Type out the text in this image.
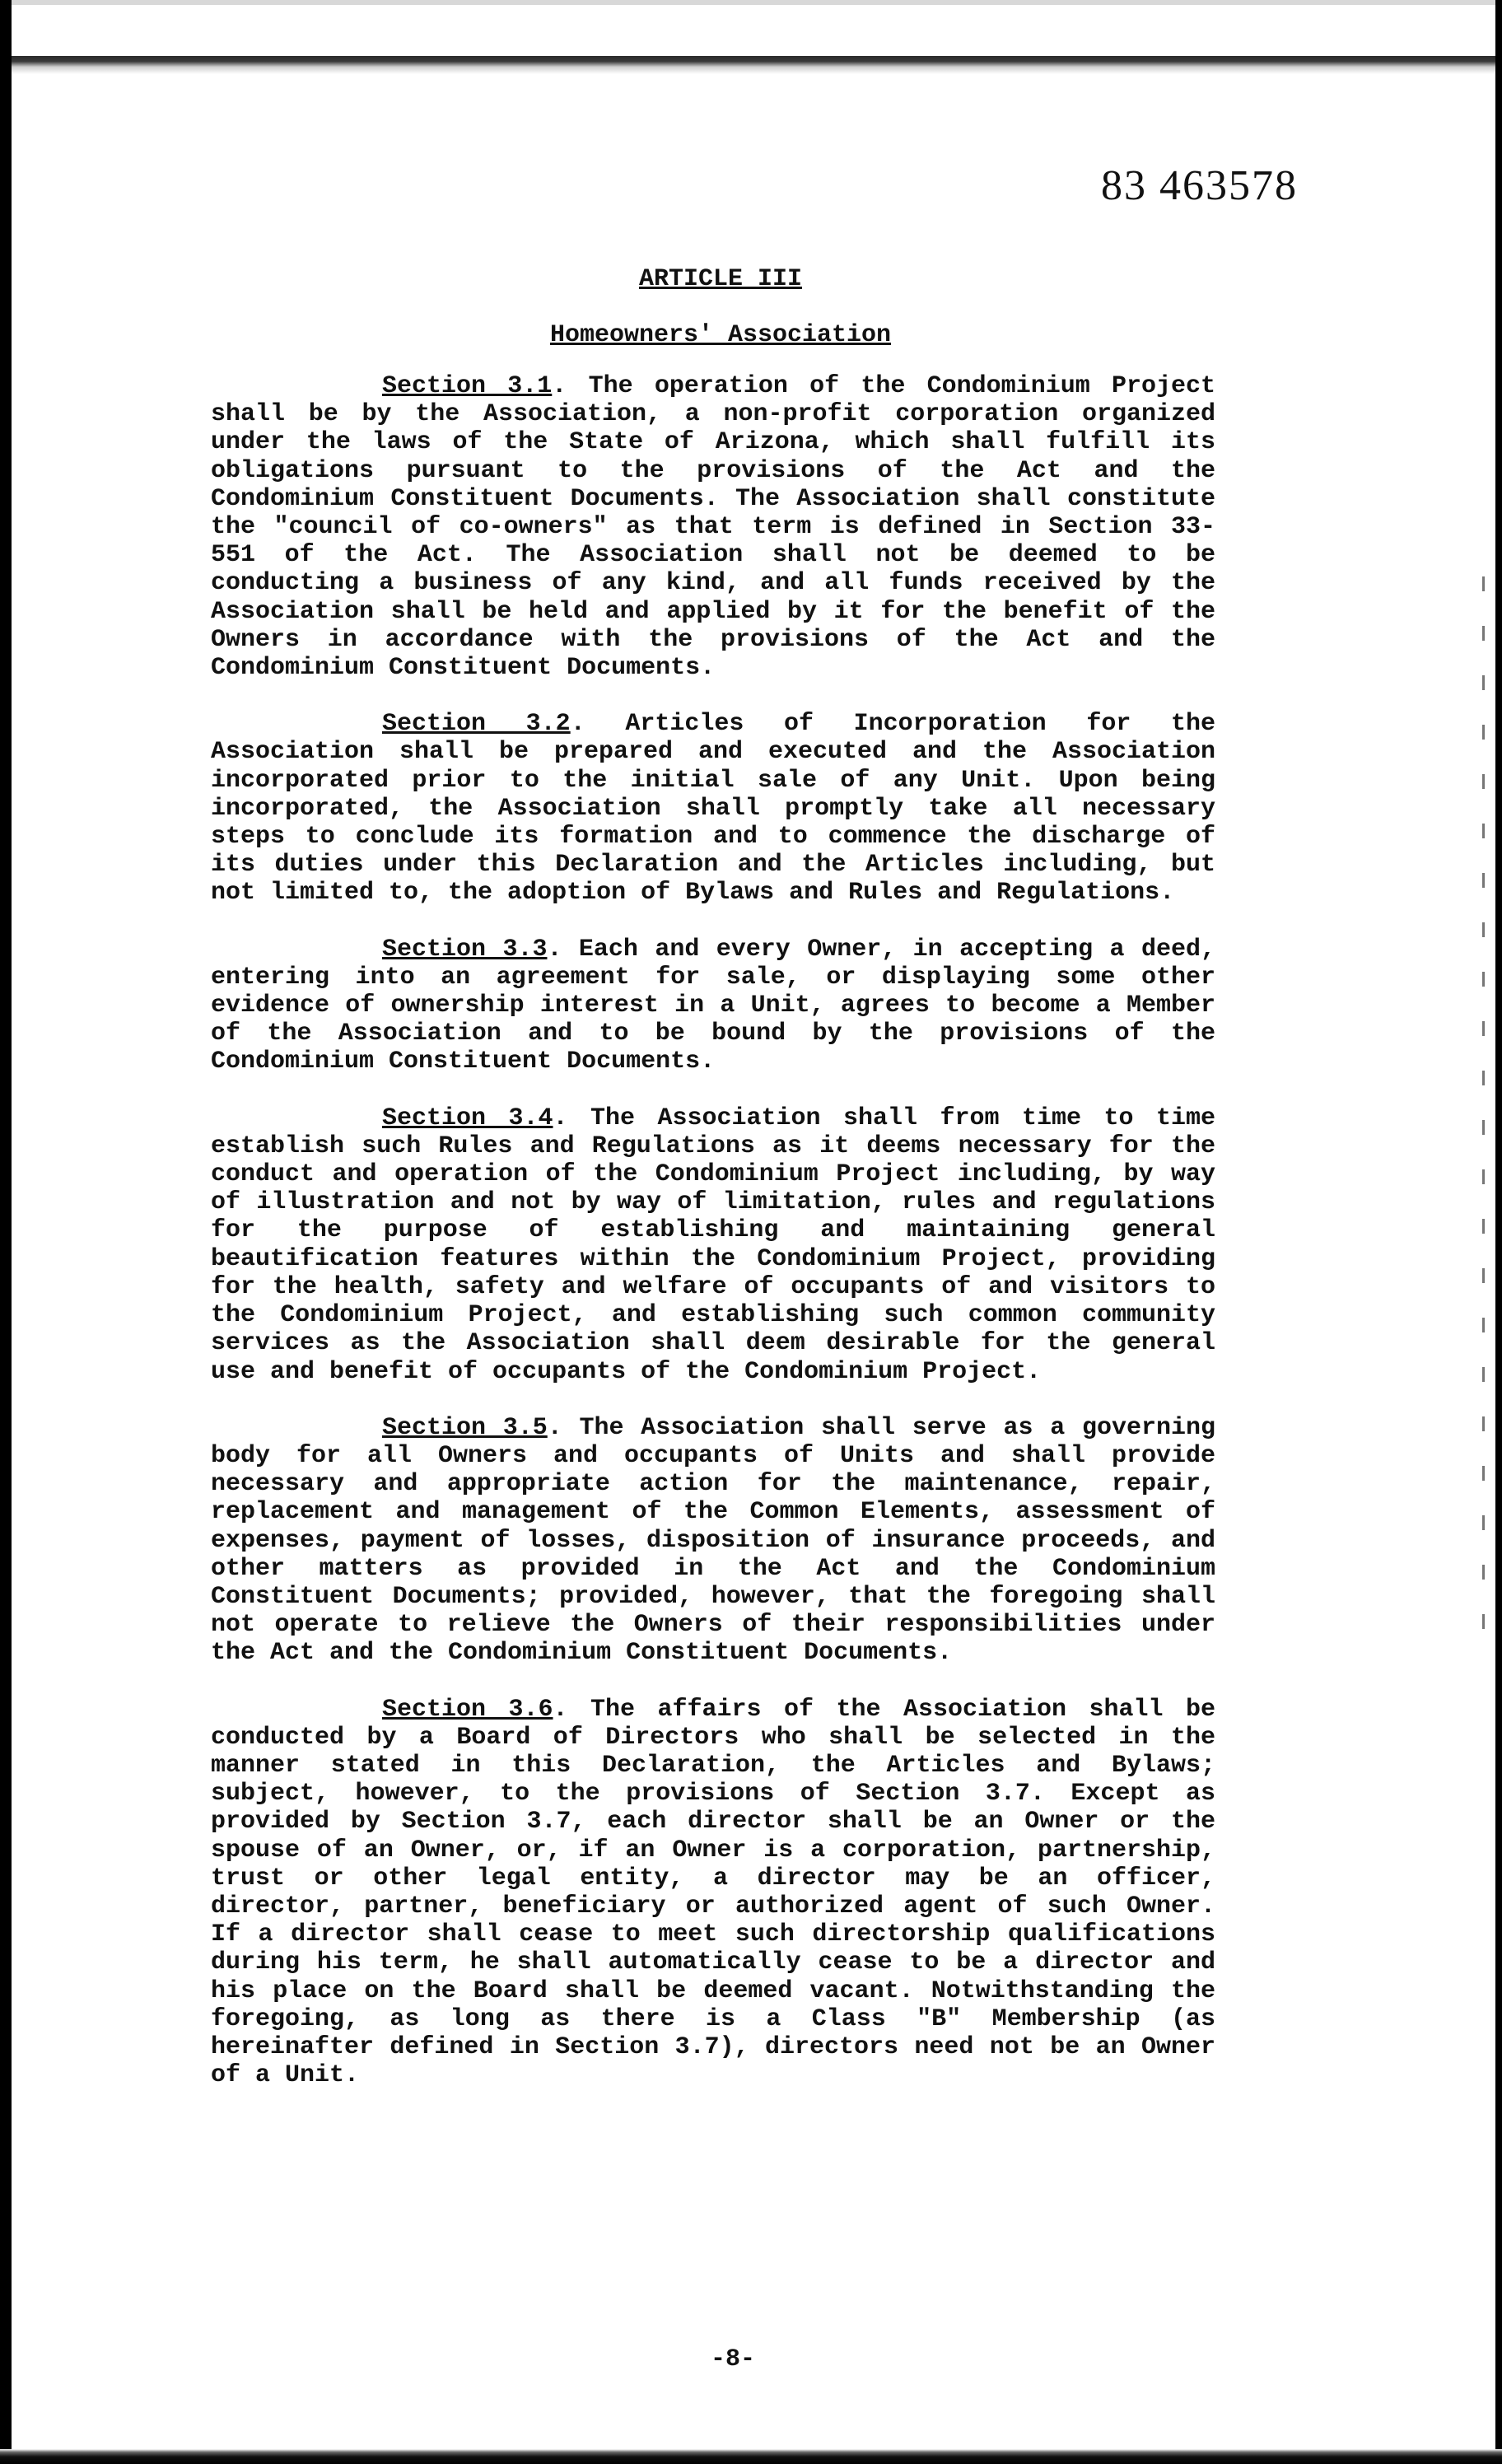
83 463578
ARTICLE III
Homeowners' Association

Section 3.1. The operation of the Condominium Project shall be by the Association, a non-profit corporation organized under the laws of the State of Arizona, which shall fulfill its obligations pursuant to the provisions of the Act and the Condominium Constituent Documents. The Association shall constitute the "council of co-owners" as that term is defined in Section 33-551 of the Act. The Association shall not be deemed to be conducting a business of any kind, and all funds received by the Association shall be held and applied by it for the benefit of the Owners in accordance with the provisions of the Act and the Condominium Constituent Documents.

Section 3.2. Articles of Incorporation for the Association shall be prepared and executed and the Association incorporated prior to the initial sale of any Unit. Upon being incorporated, the Association shall promptly take all necessary steps to conclude its formation and to commence the discharge of its duties under this Declaration and the Articles including, but not limited to, the adoption of Bylaws and Rules and Regulations.

Section 3.3. Each and every Owner, in accepting a deed, entering into an agreement for sale, or displaying some other evidence of ownership interest in a Unit, agrees to become a Member of the Association and to be bound by the provisions of the Condominium Constituent Documents.

Section 3.4. The Association shall from time to time establish such Rules and Regulations as it deems necessary for the conduct and operation of the Condominium Project including, by way of illustration and not by way of limitation, rules and regulations for the purpose of establishing and maintaining general beautification features within the Condominium Project, providing for the health, safety and welfare of occupants of and visitors to the Condominium Project, and establishing such common community services as the Association shall deem desirable for the general use and benefit of occupants of the Condominium Project.

Section 3.5. The Association shall serve as a governing body for all Owners and occupants of Units and shall provide necessary and appropriate action for the maintenance, repair, replacement and management of the Common Elements, assessment of expenses, payment of losses, disposition of insurance proceeds, and other matters as provided in the Act and the Condominium Constituent Documents; provided, however, that the foregoing shall not operate to relieve the Owners of their responsibilities under the Act and the Condominium Constituent Documents.

Section 3.6. The affairs of the Association shall be conducted by a Board of Directors who shall be selected in the manner stated in this Declaration, the Articles and Bylaws; subject, however, to the provisions of Section 3.7. Except as provided by Section 3.7, each director shall be an Owner or the spouse of an Owner, or, if an Owner is a corporation, partnership, trust or other legal entity, a director may be an officer, director, partner, beneficiary or authorized agent of such Owner. If a director shall cease to meet such directorship qualifications during his term, he shall automatically cease to be a director and his place on the Board shall be deemed vacant. Notwithstanding the foregoing, as long as there is a Class "B" Membership (as hereinafter defined in Section 3.7), directors need not be an Owner of a Unit.

-8-
